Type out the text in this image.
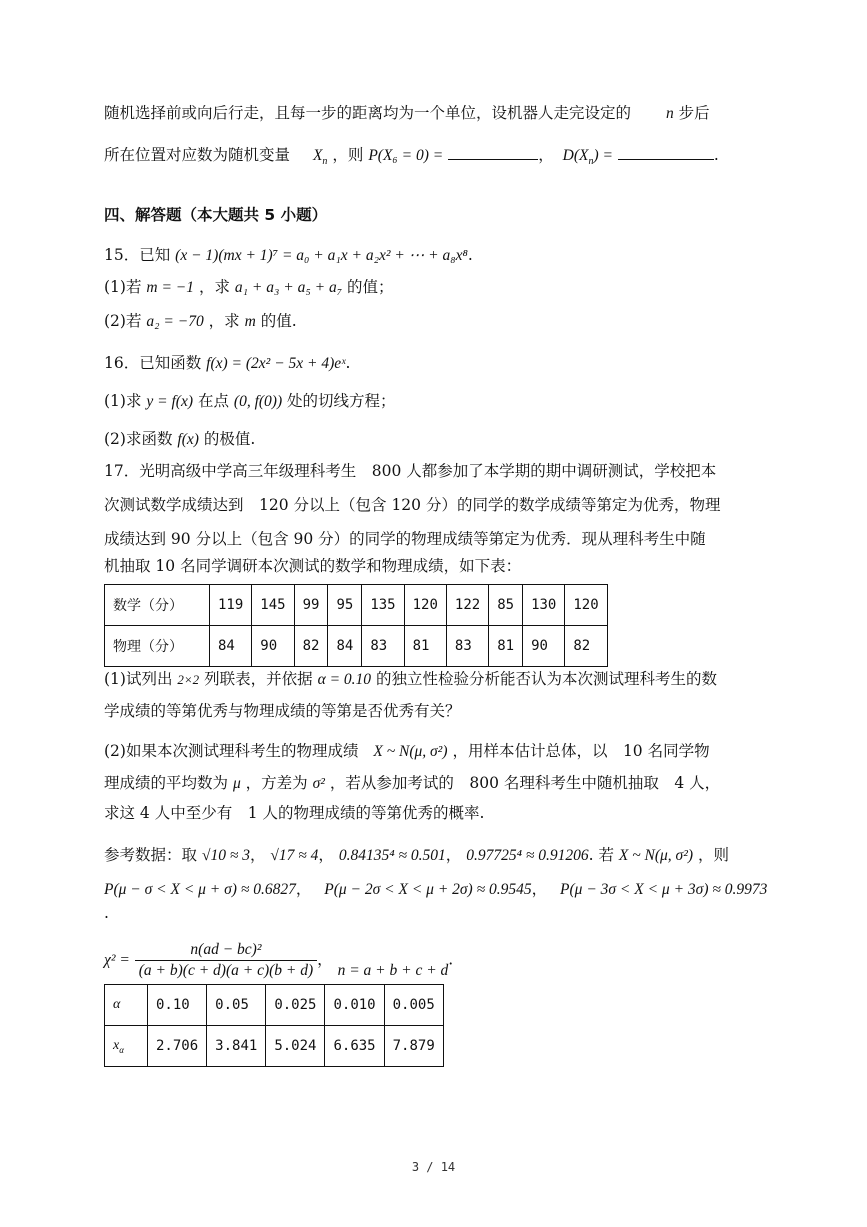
随机选择前或向后行走，且每一步的距离均为一个单位，设机器人走完设定的 n 步后
所在位置对应数为随机变量 $X_n$ ，则 P(X₆ = 0) =	， $D(X_n)$ =	.
四、解答题（本大题共 5 小题）
15．已知 (x − 1)(mx + 1)⁷ = a₀ + a₁x + a₂x² + ⋯ + a₈x⁸.
(1)若 m = −1 ，求 a₁ + a₃ + a₅ + a₇ 的值；
(2)若 a₂ = −70 ，求 m 的值.
16．已知函数 f(x) = (2x² − 5x + 4)eˣ.
(1)求 y = f(x) 在点 (0, f(0)) 处的切线方程；
(2)求函数 f(x) 的极值.
17．光明高级中学高三年级理科考生　800 人都参加了本学期的期中调研测试，学校把本
次测试数学成绩达到　120 分以上（包含 120 分）的同学的数学成绩等第定为优秀，物理
成绩达到 90 分以上（包含 90 分）的同学的物理成绩等第定为优秀．现从理科考生中随
机抽取 10 名同学调研本次测试的数学和物理成绩，如下表：
数学（分）	119	145	99	95	135	120	122	85	130	120
物理（分）	84	90	82	84	83	81	83	81	90	82
(1)试列出 2×2 列联表，并依据 α = 0.10 的独立性检验分析能否认为本次测试理科考生的数
学成绩的等第优秀与物理成绩的等第是否优秀有关？
(2)如果本次测试理科考生的物理成绩 X ~ N(μ, σ²) ，用样本估计总体，以　10 名同学物
理成绩的平均数为 μ ，方差为 σ² ，若从参加考试的　800 名理科考生中随机抽取　4 人，
求这 4 人中至少有　1 人的物理成绩的等第优秀的概率.
参考数据：取 √10 ≈ 3， √17 ≈ 4， 0.84135⁴ ≈ 0.501， 0.97725⁴ ≈ 0.91206. 若 X ~ N(μ, σ²) ，则
P(μ − σ < X < μ + σ) ≈ 0.6827， P(μ − 2σ < X < μ + 2σ) ≈ 0.9545， P(μ − 3σ < X < μ + 3σ) ≈ 0.9973
.
$\chi^2 = \frac{\text{n(ad − bc)²}}{(a + b)(c + d)(a + c)(b + d)}$ ， n = a + b + c + d.
α	0.10	0.05	0.025	0.010	0.005
$x_\alpha$	2.706	3.841	5.024	6.635	7.879
3 / 14
